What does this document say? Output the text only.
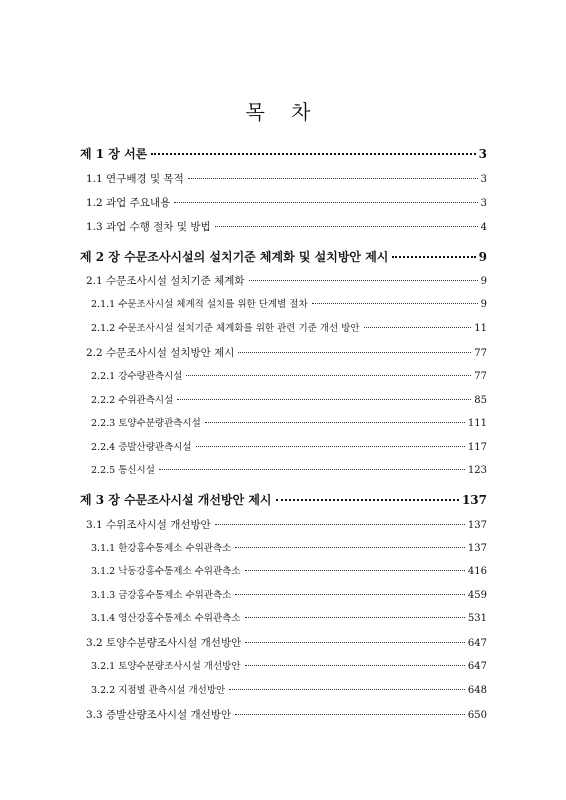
목 차
제 1 장 서론	3
1.1 연구배경 및 목적	3
1.2 과업 주요내용	3
1.3 과업 수행 절차 및 방법	4
제 2 장 수문조사시설의 설치기준 체계화 및 설치방안 제시	9
2.1 수문조사시설 설치기준 체계화	9
2.1.1 수문조사시설 체계적 설치를 위한 단계별 절차	9
2.1.2 수문조사시설 설치기준 체계화를 위한 관련 기준 개선 방안	11
2.2 수문조사시설 설치방안 제시	77
2.2.1 강수량관측시설	77
2.2.2 수위관측시설	85
2.2.3 토양수분량관측시설	111
2.2.4 증발산량관측시설	117
2.2.5 통신시설	123
제 3 장 수문조사시설 개선방안 제시	137
3.1 수위조사시설 개선방안	137
3.1.1 한강홍수통제소 수위관측소	137
3.1.2 낙동강홍수통제소 수위관측소	416
3.1.3 금강홍수통제소 수위관측소	459
3.1.4 영산강홍수통제소 수위관측소	531
3.2 토양수분량조사시설 개선방안	647
3.2.1 토양수분량조사시설 개선방안	647
3.2.2 지점별 관측시설 개선방안	648
3.3 증발산량조사시설 개선방안	650
